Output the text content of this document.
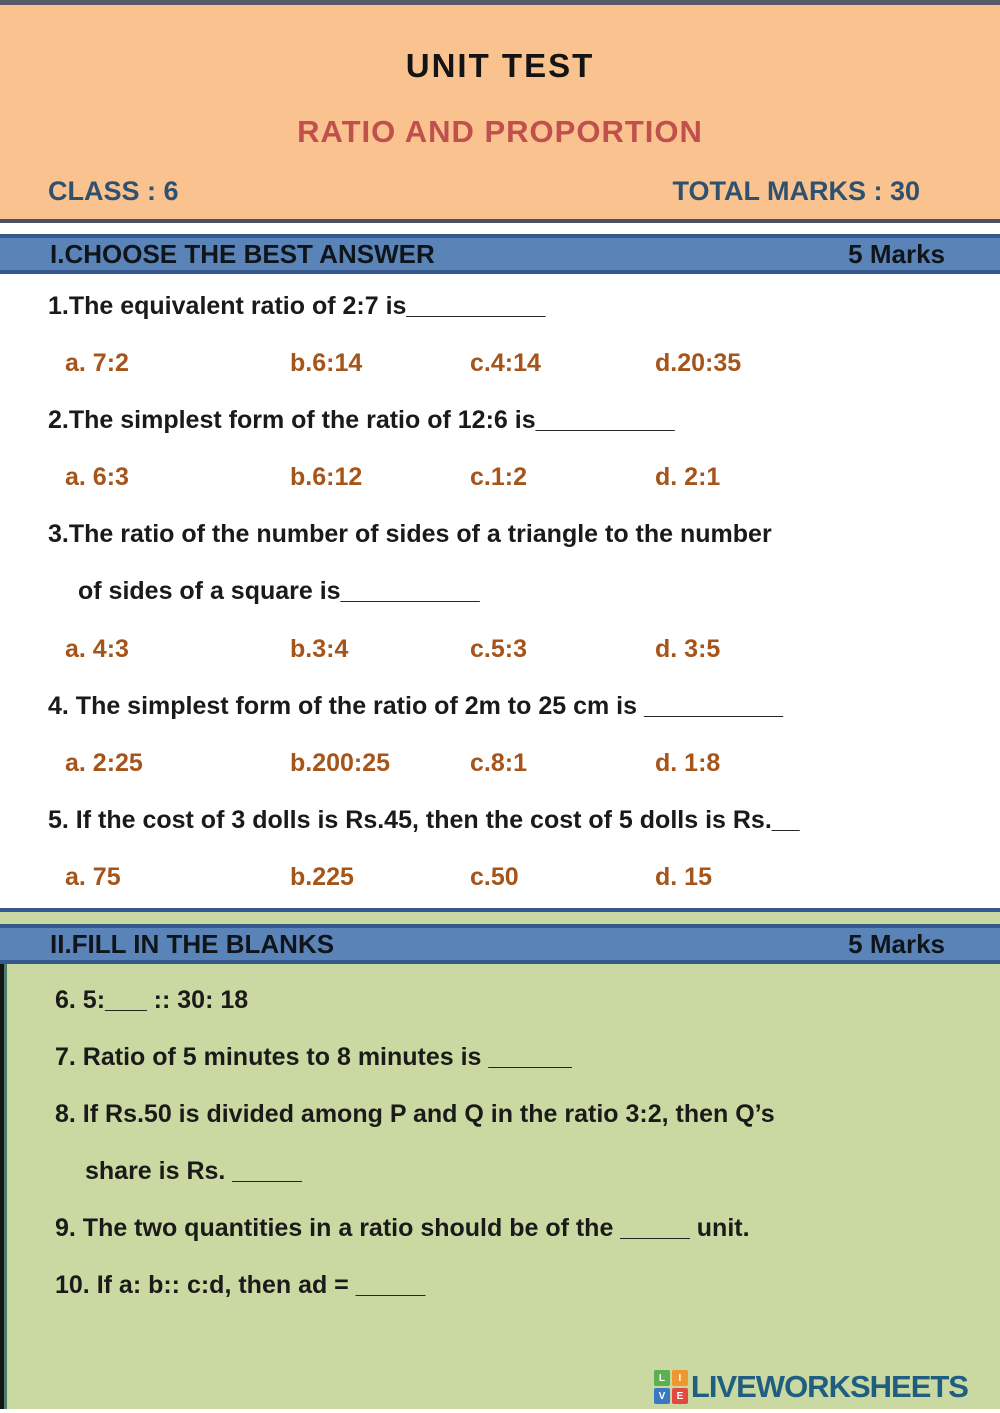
UNIT TEST
RATIO AND PROPORTION
CLASS : 6	TOTAL MARKS : 30
I.CHOOSE THE BEST ANSWER	5 Marks
1.The equivalent ratio of 2:7 is__________
a. 7:2	b.6:14	c.4:14	d.20:35
2.The simplest form of the ratio of 12:6 is__________
a. 6:3	b.6:12	c.1:2	d. 2:1
3.The ratio of the number of sides of a triangle to the number
of sides of a square is__________
a. 4:3	b.3:4	c.5:3	d. 3:5
4. The simplest form of the ratio of 2m to 25 cm is __________
a. 2:25	b.200:25	c.8:1	d. 1:8
5. If the cost of 3 dolls is Rs.45, then the cost of 5 dolls is Rs.__
a. 75	b.225	c.50	d. 15
II.FILL IN THE BLANKS	5 Marks
6. 5:___ :: 30: 18
7. Ratio of 5 minutes to 8 minutes is ______
8. If Rs.50 is divided among P and Q in the ratio 3:2, then Q’s
share is Rs. _____
9. The two quantities in a ratio should be of the _____ unit.
10. If a: b:: c:d, then ad = _____
L	I
V	E LIVEWORKSHEETS
